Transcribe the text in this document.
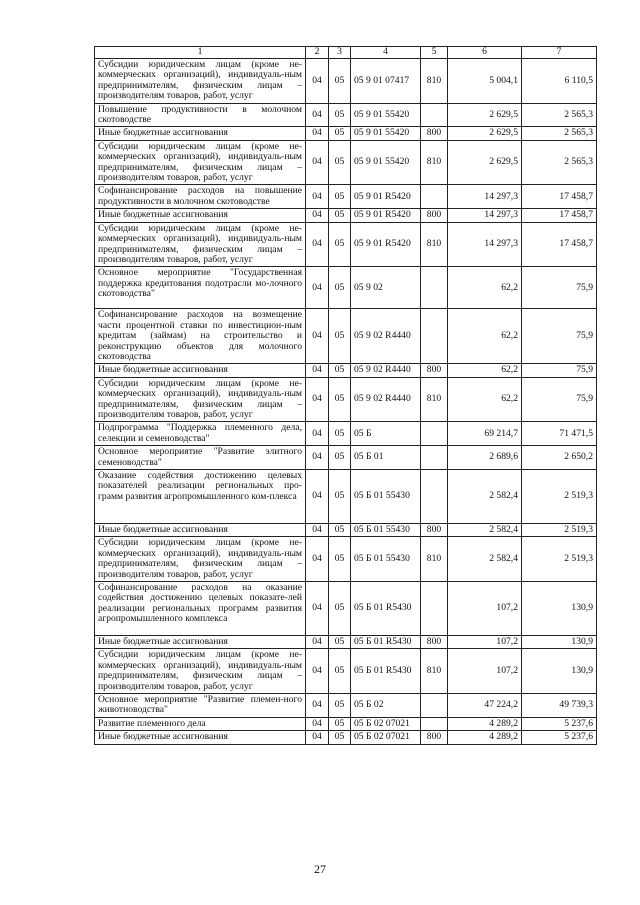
1	2	3	4	5	6	7
Субсидии юридическим лицам (кроме не-коммерческих организаций), индивидуаль-ным предпринимателям, физическим лицам – производителям товаров, работ, услуг	04	05	05 9 01 07417	810	5 004,1	6 110,5
Повышение продуктивности в молочном скотоводстве	04	05	05 9 01 55420		2 629,5	2 565,3
Иные бюджетные ассигнования	04	05	05 9 01 55420	800	2 629,5	2 565,3
Субсидии юридическим лицам (кроме не-коммерческих организаций), индивидуаль-ным предпринимателям, физическим лицам – производителям товаров, работ, услуг	04	05	05 9 01 55420	810	2 629,5	2 565,3
Софинансирование расходов на повышение продуктивности в молочном скотоводстве	04	05	05 9 01 R5420		14 297,3	17 458,7
Иные бюджетные ассигнования	04	05	05 9 01 R5420	800	14 297,3	17 458,7
Субсидии юридическим лицам (кроме не-коммерческих организаций), индивидуаль-ным предпринимателям, физическим лицам – производителям товаров, работ, услуг	04	05	05 9 01 R5420	810	14 297,3	17 458,7
Основное мероприятие "Государственная поддержка кредитования подотрасли мо-лочного скотоводства"	04	05	05 9 02		62,2	75,9
Софинансирование расходов на возмещение части процентной ставки по инвестицион-ным кредитам (займам) на строительство и реконструкцию объектов для молочного скотоводства	04	05	05 9 02 R4440		62,2	75,9
Иные бюджетные ассигнования	04	05	05 9 02 R4440	800	62,2	75,9
Субсидии юридическим лицам (кроме не-коммерческих организаций), индивидуаль-ным предпринимателям, физическим лицам – производителям товаров, работ, услуг	04	05	05 9 02 R4440	810	62,2	75,9
Подпрограмма "Поддержка племенного дела, селекции и семеноводства"	04	05	05 Б		69 214,7	71 471,5
Основное мероприятие "Развитие элитного семеноводства"	04	05	05 Б 01		2 689,6	2 650,2
Оказание содействия достижению целевых показателей реализации региональных про-грамм развития агропромышленного ком-плекса	04	05	05 Б 01 55430		2 582,4	2 519,3
Иные бюджетные ассигнования	04	05	05 Б 01 55430	800	2 582,4	2 519,3
Субсидии юридическим лицам (кроме не-коммерческих организаций), индивидуаль-ным предпринимателям, физическим лицам – производителям товаров, работ, услуг	04	05	05 Б 01 55430	810	2 582,4	2 519,3
Софинансирование расходов на оказание содействия достижению целевых показате-лей реализации региональных программ развития агропромышленного комплекса	04	05	05 Б 01 R5430		107,2	130,9
Иные бюджетные ассигнования	04	05	05 Б 01 R5430	800	107,2	130,9
Субсидии юридическим лицам (кроме не-коммерческих организаций), индивидуаль-ным предпринимателям, физическим лицам – производителям товаров, работ, услуг	04	05	05 Б 01 R5430	810	107,2	130,9
Основное мероприятие "Развитие племен-ного животноводства"	04	05	05 Б 02		47 224,2	49 739,3
Развитие племенного дела	04	05	05 Б 02 07021		4 289,2	5 237,6
Иные бюджетные ассигнования	04	05	05 Б 02 07021	800	4 289,2	5 237,6
27
